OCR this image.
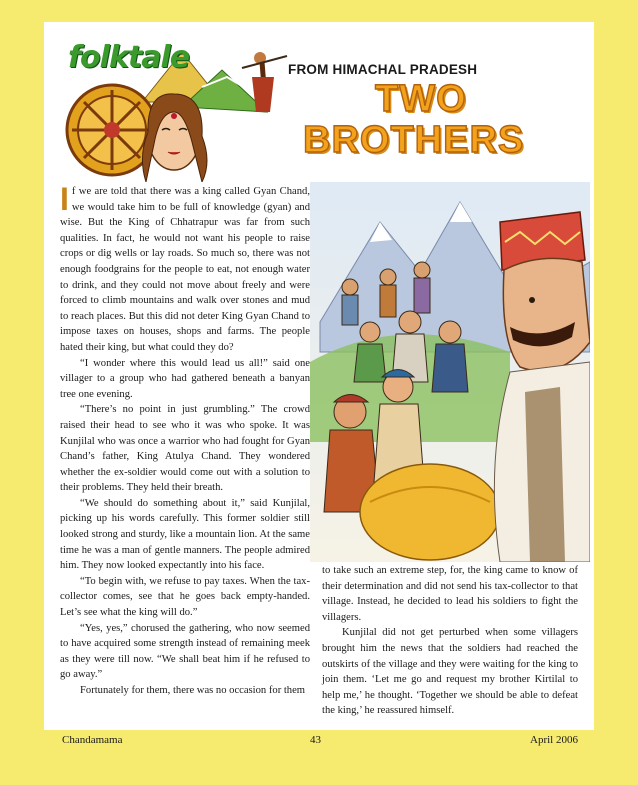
folktale	FROM HIMACHAL PRADESH
TWO
BROTHERS

If we are told that there was a king called Gyan Chand, we would take him to be full of knowledge (gyan) and wise. But the King of Chhatrapur was far from such qualities. In fact, he would not want his people to raise crops or dig wells or lay roads. So much so, there was not enough foodgrains for the people to eat, not enough water to drink, and they could not move about freely and were forced to climb mountains and walk over stones and mud to reach places. But this did not deter King Gyan Chand to impose taxes on houses, shops and farms. The people hated their king, but what could they do?

“I wonder where this would lead us all!” said one villager to a group who had gathered beneath a banyan tree one evening.

“There’s no point in just grumbling.” The crowd raised their head to see who it was who spoke. It was Kunjilal who was once a warrior who had fought for Gyan Chand’s father, King Atulya Chand. They wondered whether the ex-soldier would come out with a solution to their problems. They held their breath.

“We should do something about it,” said Kunjilal, picking up his words carefully. This former soldier still looked strong and sturdy, like a mountain lion. At the same time he was a man of gentle manners. The people admired him. They now looked expectantly into his face.

“To begin with, we refuse to pay taxes. When the tax-collector comes, see that he goes back empty-handed. Let’s see what the king will do.”

“Yes, yes,” chorused the gathering, who now seemed to have acquired some strength instead of remaining meek as they were till now. “We shall beat him if he refused to go away.”

Fortunately for them, there was no occasion for them

to take such an extreme step, for, the king came to know of their determination and did not send his tax-collector to that village. Instead, he decided to lead his soldiers to fight the villagers.

Kunjilal did not get perturbed when some villagers brought him the news that the soldiers had reached the outskirts of the village and they were waiting for the king to join them. ‘Let me go and request my brother Kirtilal to help me,’ he thought. ‘Together we should be able to defeat the king,’ he reassured himself.

Chandamama	43	April 2006
